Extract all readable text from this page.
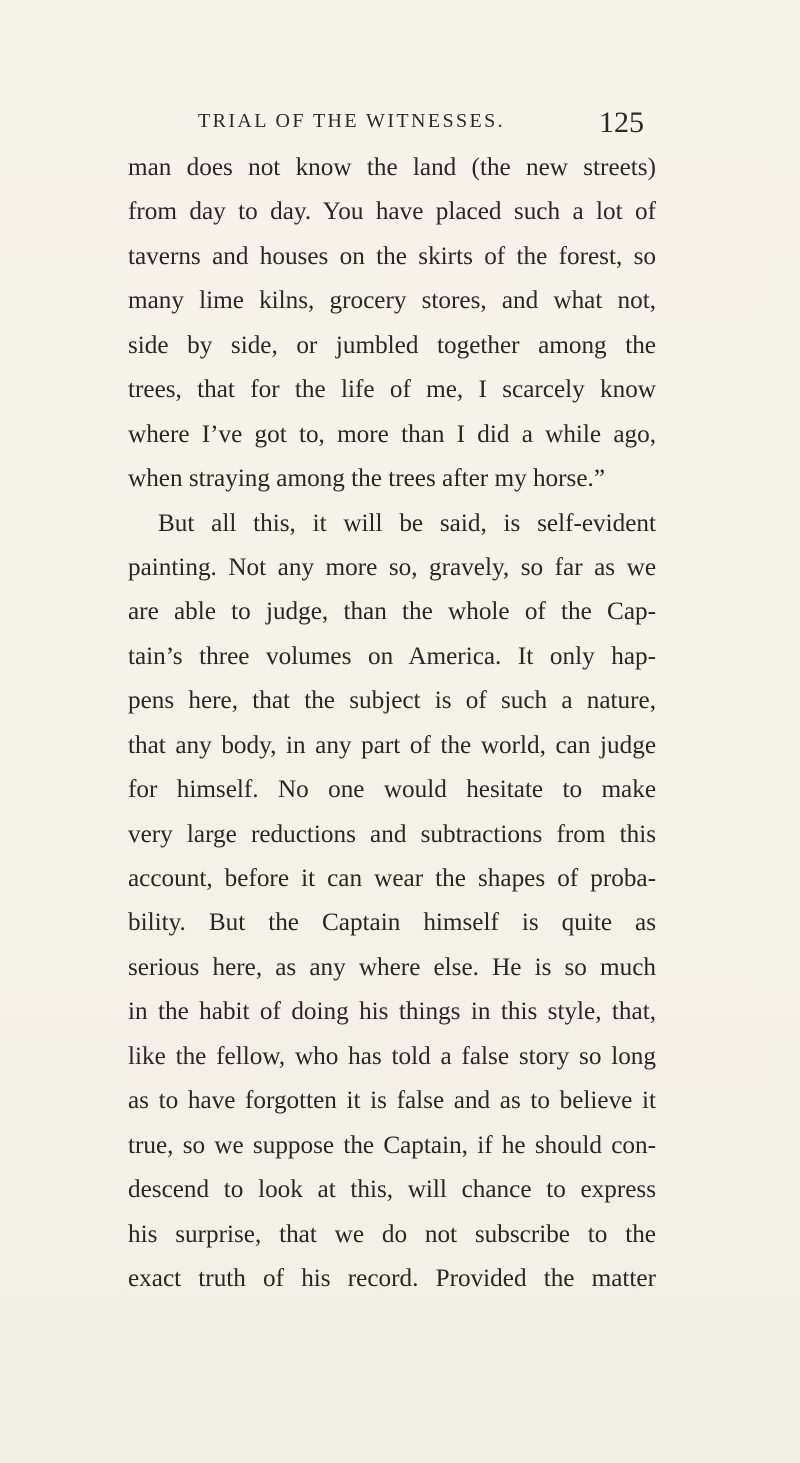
TRIAL OF THE WITNESSES.	125
man does not know the land (the new streets)
from day to day. You have placed such a lot of
taverns and houses on the skirts of the forest, so
many lime kilns, grocery stores, and what not,
side by side, or jumbled together among the
trees, that for the life of me, I scarcely know
where I’ve got to, more than I did a while ago,
when straying among the trees after my horse.”
But all this, it will be said, is self-evident
painting. Not any more so, gravely, so far as we
are able to judge, than the whole of the Cap-
tain’s three volumes on America. It only hap-
pens here, that the subject is of such a nature,
that any body, in any part of the world, can judge
for himself. No one would hesitate to make
very large reductions and subtractions from this
account, before it can wear the shapes of proba-
bility. But the Captain himself is quite as
serious here, as any where else. He is so much
in the habit of doing his things in this style, that,
like the fellow, who has told a false story so long
as to have forgotten it is false and as to believe it
true, so we suppose the Captain, if he should con-
descend to look at this, will chance to express
his surprise, that we do not subscribe to the
exact truth of his record. Provided the matter
